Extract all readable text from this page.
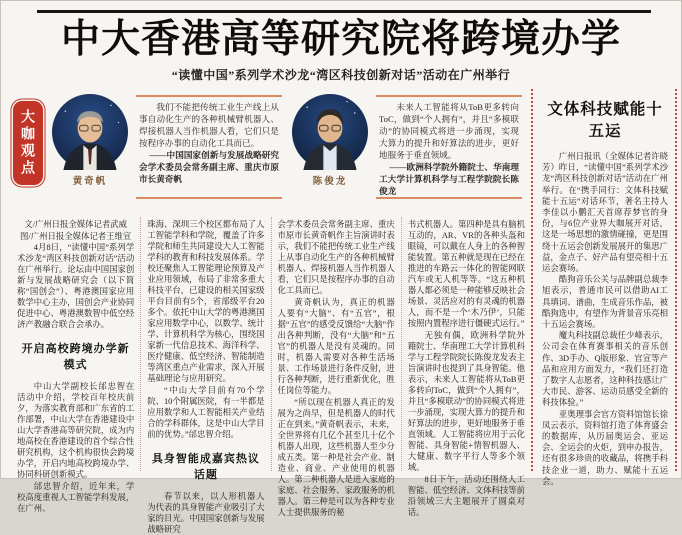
中大香港高等研究院将跨境办学
“读懂中国”系列学术沙龙“湾区科技创新对话”活动在广州举行
大咖观点
黄奇帆

我们不能把传统工业生产线上从事自动化生产的各种机械臂机器人、焊接机器人当作机器人看，它们只是按程序办事的自动化工具而已。

——中国国家创新与发展战略研究会学术委员会常务副主席、重庆市原市长黄奇帆	陈俊龙

未来人工智能将从ToB更多转向ToC，做到“个人拥有”，并且“多模联动”的协同模式将进一步涌现，实现大算力的提升和好算法的进步，更好地服务于垂直领域。

——欧洲科学院外籍院士、华南理工大学计算机科学与工程学院院长陈俊龙

文/广州日报全媒体记者武威
图/广州日报全媒体记者王维宣

4月8日，“读懂中国”系列学术沙龙“湾区科技创新对话”活动在广州举行。论坛由中国国家创新与发展战略研究会（以下简称“国创会”）、粤港澳国家应用数学中心主办，国创会产业协同促进中心、粤港澳数智中低空经济产教融合联合会承办。

开启高校跨境办学新模式

中山大学副校长邰忠智在活动中介绍，学校百年校庆前夕，为落实教育部和广东省的工作部署，中山大学在香港建设中山大学香港高等研究院，成为内地高校在香港建设的首个综合性研究机构，这个机构很快会跨境办学，开启内地高校跨境办学、协同科研创新模式。

邰忠智介绍，近年来，学校高度重视人工智能学科发展，在广州、

珠海、深圳三个校区都布局了人工智能学科和学院，覆盖了许多学院和师生共同建设大人工智能学科的教育和科技发展体系。学校还聚焦人工智能理论预算及产业应用领域，布局了非常多重大科技平台，已建设的相关国家级平台目前有5个，省部级平台20多个。依托中山大学的粤港澳国家应用数学中心，以数学、统计学、计算机科学为核心，围绕国家新一代信息技术、海洋科学、医疗健康、低空经济、智能制造等湾区重点产业需求，深入开展基础理论与应用研究。

“中山大学目前有70个学院、10个附属医院，有一半都是应用数学和人工智能相关产业结合的学科群体，这是中山大学目前的优势。”邰忠智介绍。

具身智能成嘉宾热议话题

春节以来，以人形机器人为代表的具身智能产业吸引了大家的目光。中国国家创新与发展战略研究

会学术委员会常务副主席、重庆市原市长黄奇帆作主旨演讲时表示，我们不能把传统工业生产线上从事自动化生产的各种机械臂机器人、焊接机器人当作机器人看，它们只是按程序办事的自动化工具而已。

黄奇帆认为，真正的机器人要有“大脑”、有“五官”，根据“五官”的感受反馈给“大脑”作出各种判断，没有“大脑”和“五官”的机器人是没有灵魂的。同时，机器人需要对各种生活场景、工作场景进行条件反射，进行各种判断，进行重新优化，胜任岗位等能力。

“所以现在机器人真正的发展为之尚早，但是机器人的时代正在到来。”黄奇帆表示，未来，全世界将有几亿个甚至几十亿个机器人出现，这些机器人至少分成五类。第一种是社会产业、制造业、商业、产业使用的机器人。第二种机器人是进入家庭的家庭、社会服务、家政服务的机器人。第三种是可以为各种专业人士提供服务的秘

书式机器人。第四种是具有脑机互动的，AR、VR的各种头盔和眼镜，可以戴在人身上的各种智能装置。第五种就是现在已经在推进的车路云一体化的智能网联汽车或无人机等等。“这五种机器人都必须是一种能够反映社会场景、灵活应对的有灵魂的机器人，而不是一个‘木乃伊’，只能按照内置程序进行僵硬式运行。”

无独有偶，欧洲科学院外籍院士、华南理工大学计算机科学与工程学院院长陈俊龙发表主旨演讲时也提到了具身智能。他表示，未来人工智能将从ToB更多转向ToC，做到“个人拥有”，并且“多模联动”的协同模式将进一步涌现，实现大算力的提升和好算法的进步，更好地服务于垂直领域。人工智能将应用于云化智能、具身智能+情智机器人、大健康、数字平行人等多个领域。

8日下午，活动还围绕人工智能、低空经济、文体科技等前沿领域三大主题展开了圆桌对话。

文体科技赋能十五运

广州日报讯（全媒体记者许晓芳）昨日，“读懂中国”系列学术沙龙“湾区科技创新对话”活动在广州举行。在“携手同行：文体科技赋能十五运”对话环节，著名主持人李佳以小鹏汇天首席荐梦官的身份，与6位产业界大咖展开对话，这是一场思想的激情碰撞，更是围绕十五运会创新发展展开的集思广益，金点子、好产品有望亮相十五运会赛场。

酷狗音乐公关与品牌副总裁李旭表示，普通市民可以借助AI工具填词、谱曲，生成音乐作品，被酷狗选中，有望作为背景音乐亮相十五运会赛场。

魔丸科技副总裁任少峰表示，公司会在体育赛事相关的音乐创作、3D手办、Q版形象、官宣等产品和应用方面发力，“我们还打造了数字人志愿者，这种科技感让广大市民、游客、运动员感受全新的科技体验。”

亚奥理事会官方资料馆馆长徐凤云表示，资料馆打造了体育盛会的数据库，从历届奥运会、亚运会、全运会的火炬，到申办报告，还有很多珍贵的收藏品，将携手科技企业一道，助力、赋能十五运会。
